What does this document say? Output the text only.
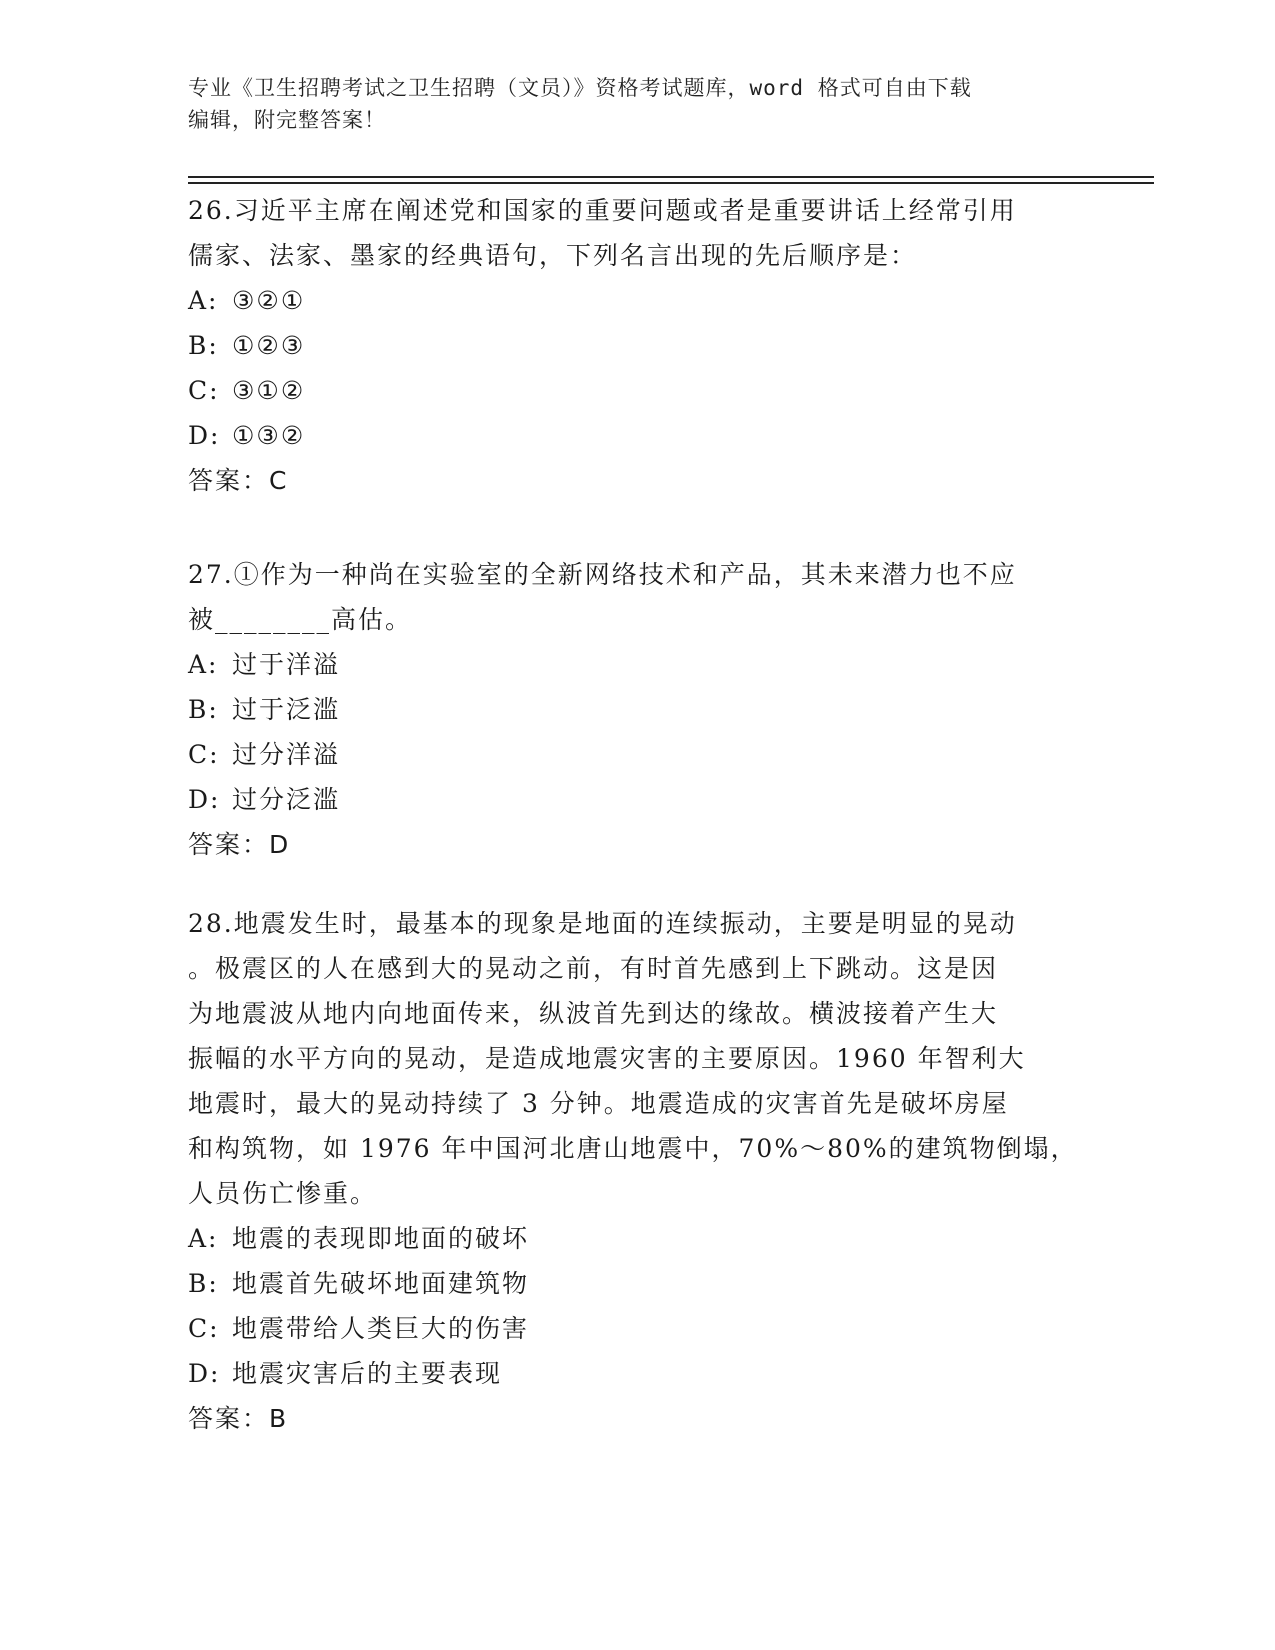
专业《卫生招聘考试之卫生招聘（文员）》资格考试题库，word 格式可自由下载
编辑，附完整答案！
26.习近平主席在阐述党和国家的重要问题或者是重要讲话上经常引用
儒家、法家、墨家的经典语句，下列名言出现的先后顺序是：
A: ③②①
B: ①②③
C: ③①②
D: ①③②
答案：C
27.①作为一种尚在实验室的全新网络技术和产品，其未来潜力也不应
被________高估。
A: 过于洋溢
B: 过于泛滥
C: 过分洋溢
D: 过分泛滥
答案：D
28.地震发生时，最基本的现象是地面的连续振动，主要是明显的晃动
。极震区的人在感到大的晃动之前，有时首先感到上下跳动。这是因
为地震波从地内向地面传来，纵波首先到达的缘故。横波接着产生大
振幅的水平方向的晃动，是造成地震灾害的主要原因。1960 年智利大
地震时，最大的晃动持续了 3 分钟。地震造成的灾害首先是破坏房屋
和构筑物，如 1976 年中国河北唐山地震中，70%～80%的建筑物倒塌，
人员伤亡惨重。
A: 地震的表现即地面的破坏
B: 地震首先破坏地面建筑物
C: 地震带给人类巨大的伤害
D: 地震灾害后的主要表现
答案：B
